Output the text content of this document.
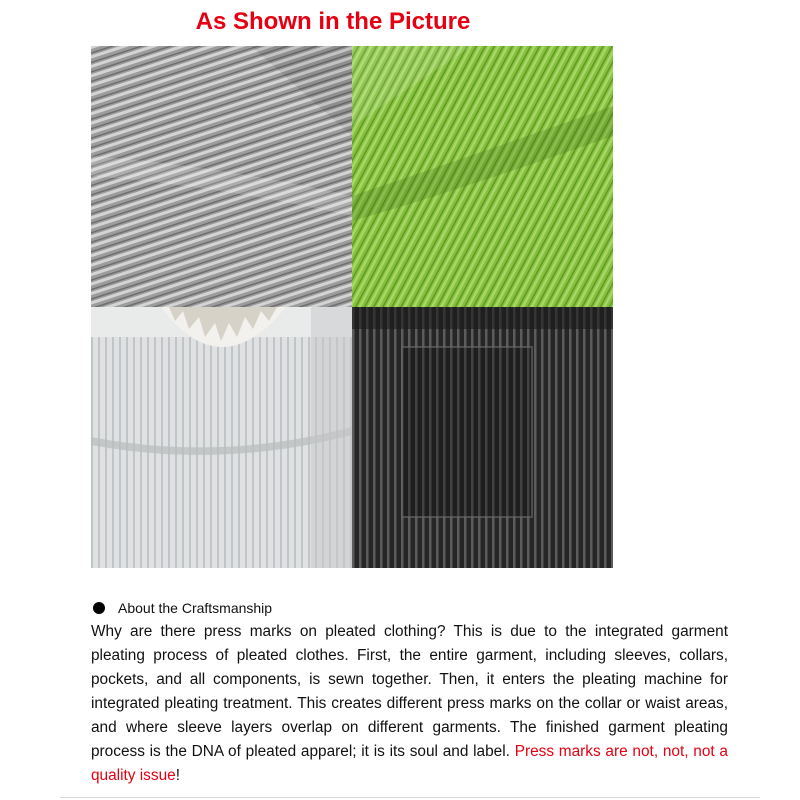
As Shown in the Picture
About the Craftsmanship
Why are there press marks on pleated clothing? This is due to the integrated garment pleating process of pleated clothes. First, the entire garment, including sleeves, collars, pockets, and all components, is sewn together. Then, it enters the pleating machine for integrated pleating treatment. This creates different press marks on the collar or waist areas, and where sleeve layers overlap on different garments. The finished garment pleating process is the DNA of pleated apparel; it is its soul and label. Press marks are not, not, not a quality issue!
